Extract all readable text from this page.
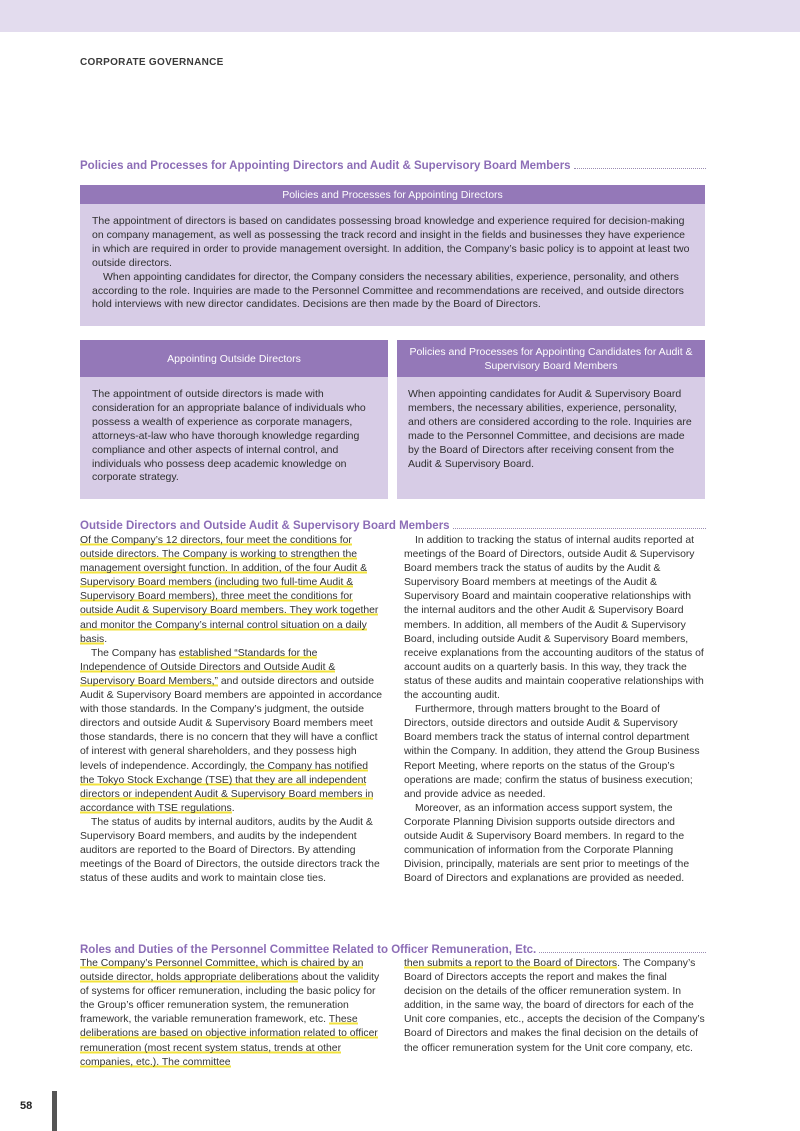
CORPORATE GOVERNANCE
Policies and Processes for Appointing Directors and Audit & Supervisory Board Members
Policies and Processes for Appointing Directors

The appointment of directors is based on candidates possessing broad knowledge and experience required for decision-making on company management, as well as possessing the track record and insight in the fields and businesses they have experience in which are required in order to provide management oversight. In addition, the Company’s basic policy is to appoint at least two outside directors.

When appointing candidates for director, the Company considers the necessary abilities, experience, personality, and others according to the role. Inquiries are made to the Personnel Committee and recommendations are received, and outside directors hold interviews with new director candidates. Decisions are then made by the Board of Directors.

Appointing Outside Directors

The appointment of outside directors is made with consideration for an appropriate balance of individuals who possess a wealth of experience as corporate managers, attorneys-at-law who have thorough knowledge regarding compliance and other aspects of internal control, and individuals who possess deep academic knowledge on corporate strategy.

Policies and Processes for Appointing Candidates for Audit & Supervisory Board Members

When appointing candidates for Audit & Supervisory Board members, the necessary abilities, experience, personality, and others are considered according to the role. Inquiries are made to the Personnel Committee, and decisions are made by the Board of Directors after receiving consent from the Audit & Supervisory Board.

Outside Directors and Outside Audit & Supervisory Board Members

Of the Company’s 12 directors, four meet the conditions for outside directors. The Company is working to strengthen the management oversight function. In addition, of the four Audit & Supervisory Board members (including two full-time Audit & Supervisory Board members), three meet the conditions for outside Audit & Supervisory Board members. They work together and monitor the Company’s internal control situation on a daily basis.

The Company has established “Standards for the Independence of Outside Directors and Outside Audit & Supervisory Board Members,” and outside directors and outside Audit & Supervisory Board members are appointed in accordance with those standards. In the Company’s judgment, the outside directors and outside Audit & Supervisory Board members meet those standards, there is no concern that they will have a conflict of interest with general shareholders, and they possess high levels of independence. Accordingly, the Company has notified the Tokyo Stock Exchange (TSE) that they are all independent directors or independent Audit & Supervisory Board members in accordance with TSE regulations.

The status of audits by internal auditors, audits by the Audit & Supervisory Board members, and audits by the independent auditors are reported to the Board of Directors. By attending meetings of the Board of Directors, the outside directors track the status of these audits and work to maintain close ties.

In addition to tracking the status of internal audits reported at meetings of the Board of Directors, outside Audit & Supervisory Board members track the status of audits by the Audit & Supervisory Board members at meetings of the Audit & Supervisory Board and maintain cooperative relationships with the internal auditors and the other Audit & Supervisory Board members. In addition, all members of the Audit & Supervisory Board, including outside Audit & Supervisory Board members, receive explanations from the accounting auditors of the status of account audits on a quarterly basis. In this way, they track the status of these audits and maintain cooperative relationships with the accounting audit.

Furthermore, through matters brought to the Board of Directors, outside directors and outside Audit & Supervisory Board members track the status of internal control department within the Company. In addition, they attend the Group Business Report Meeting, where reports on the status of the Group’s operations are made; confirm the status of business execution; and provide advice as needed.

Moreover, as an information access support system, the Corporate Planning Division supports outside directors and outside Audit & Supervisory Board members. In regard to the communication of information from the Corporate Planning Division, principally, materials are sent prior to meetings of the Board of Directors and explanations are provided as needed.

Roles and Duties of the Personnel Committee Related to Officer Remuneration, Etc.

The Company’s Personnel Committee, which is chaired by an outside director, holds appropriate deliberations about the validity of systems for officer remuneration, including the basic policy for the Group’s officer remuneration system, the remuneration framework, the variable remuneration framework, etc. These deliberations are based on objective information related to officer remuneration (most recent system status, trends at other companies, etc.). The committee

then submits a report to the Board of Directors. The Company’s Board of Directors accepts the report and makes the final decision on the details of the officer remuneration system. In addition, in the same way, the board of directors for each of the Unit core companies, etc., accepts the decision of the Company’s Board of Directors and makes the final decision on the details of the officer remuneration system for the Unit core company, etc.

58
